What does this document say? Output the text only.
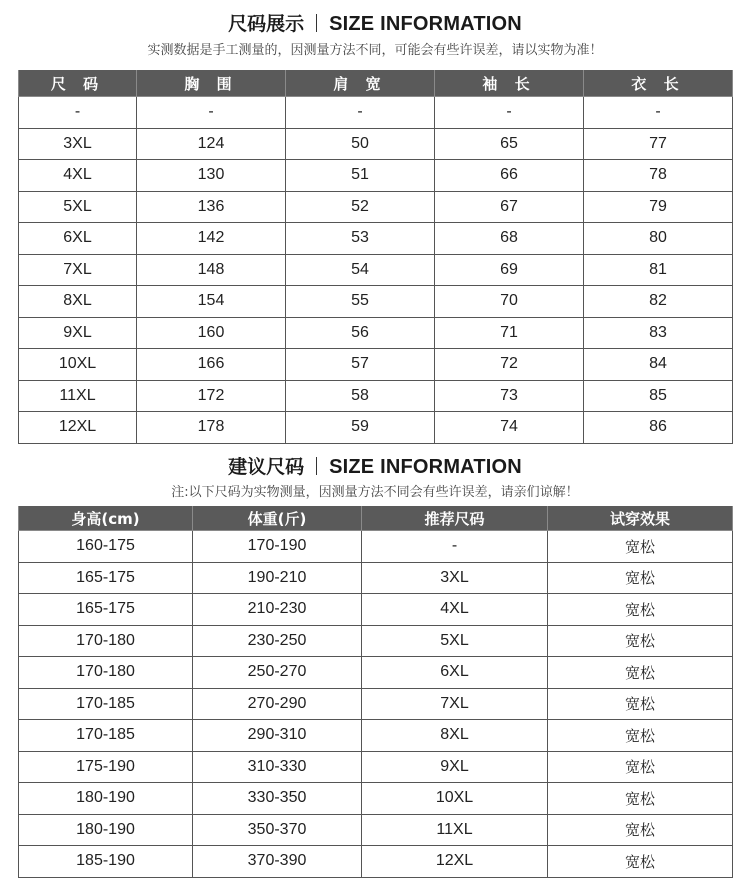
尺码展示 SIZE INFORMATION
实测数据是手工测量的，因测量方法不同，可能会有些许误差，请以实物为准！
尺 码	胸 围	肩 宽	袖 长	衣 长
-	-	-	-	-
3XL	124	50	65	77
4XL	130	51	66	78
5XL	136	52	67	79
6XL	142	53	68	80
7XL	148	54	69	81
8XL	154	55	70	82
9XL	160	56	71	83
10XL	166	57	72	84
11XL	172	58	73	85
12XL	178	59	74	86
建议尺码 SIZE INFORMATION
注:以下尺码为实物测量，因测量方法不同会有些许误差，请亲们谅解！
身高(cm)	体重(斤)	推荐尺码	试穿效果
160-175	170-190	-	宽松
165-175	190-210	3XL	宽松
165-175	210-230	4XL	宽松
170-180	230-250	5XL	宽松
170-180	250-270	6XL	宽松
170-185	270-290	7XL	宽松
170-185	290-310	8XL	宽松
175-190	310-330	9XL	宽松
180-190	330-350	10XL	宽松
180-190	350-370	11XL	宽松
185-190	370-390	12XL	宽松
